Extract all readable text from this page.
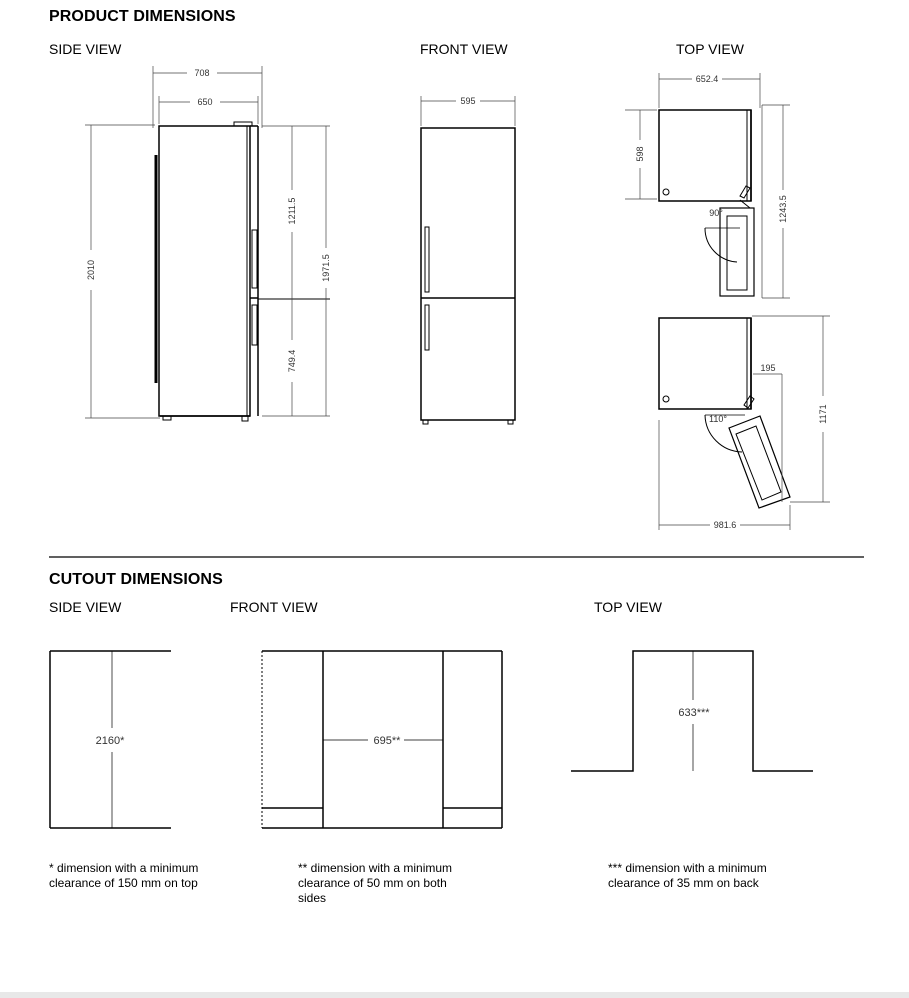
PRODUCT DIMENSIONS
SIDE VIEW	FRONT VIEW	TOP VIEW
CUTOUT DIMENSIONS
SIDE VIEW	FRONT VIEW	TOP VIEW
708
650
2010
1211.5
1971.5
749.4
595
652.4
598
90°	1243.5
195
110°	1171
981.6
2160*	695**
633***
* dimension with a minimum clearance of 150 mm on top
** dimension with a minimum clearance of 50 mm on both sides
*** dimension with a minimum clearance of 35 mm on back
